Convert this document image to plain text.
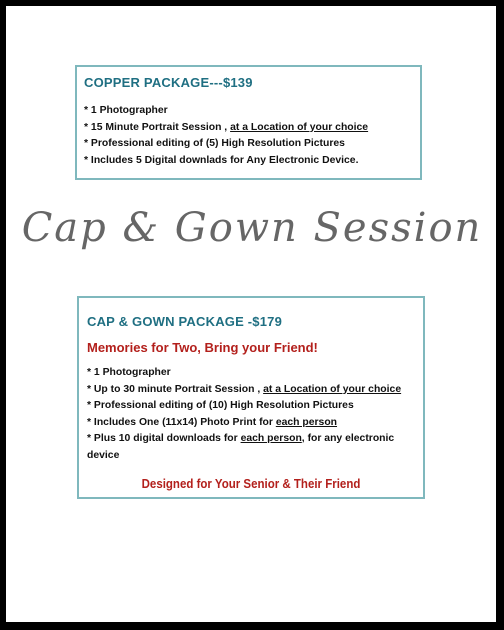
COPPER PACKAGE---$139

* 1 Photographer
* 15 Minute Portrait Session , at a Location of your choice
* Professional editing of (5) High Resolution Pictures
* Includes 5 Digital downlads for Any Electronic Device.
Cap & Gown Session

CAP & GOWN PACKAGE -$179

Memories for Two, Bring your Friend!

* 1 Photographer
* Up to 30 minute Portrait Session , at a Location of your choice
* Professional editing of (10) High Resolution Pictures
* Includes One (11x14) Photo Print for each person
* Plus 10 digital downloads for each person, for any electronic device
Designed for Your Senior & Their Friend
